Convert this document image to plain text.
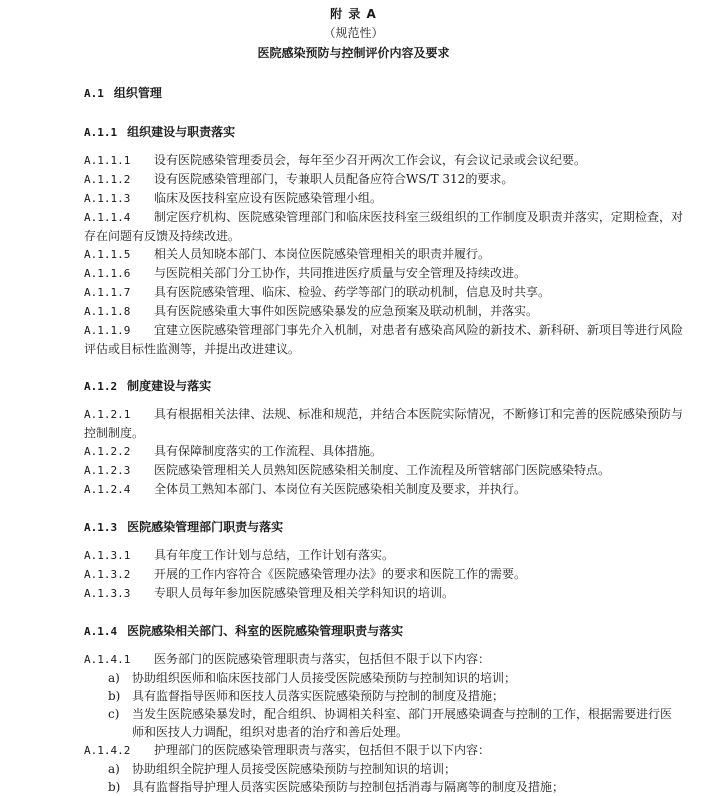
附 录 A
（规范性）
医院感染预防与控制评价内容及要求
A.1 组织管理
A.1.1 组织建设与职责落实
A.1.1.1 设有医院感染管理委员会，每年至少召开两次工作会议，有会议记录或会议纪要。
A.1.1.2 设有医院感染管理部门，专兼职人员配备应符合WS/T 312的要求。
A.1.1.3 临床及医技科室应设有医院感染管理小组。
A.1.1.4 制定医疗机构、医院感染管理部门和临床医技科室三级组织的工作制度及职责并落实，定期检查，对存在问题有反馈及持续改进。
A.1.1.5 相关人员知晓本部门、本岗位医院感染管理相关的职责并履行。
A.1.1.6 与医院相关部门分工协作，共同推进医疗质量与安全管理及持续改进。
A.1.1.7 具有医院感染管理、临床、检验、药学等部门的联动机制，信息及时共享。
A.1.1.8 具有医院感染重大事件如医院感染暴发的应急预案及联动机制，并落实。
A.1.1.9 宜建立医院感染管理部门事先介入机制，对患者有感染高风险的新技术、新科研、新项目等进行风险评估或目标性监测等，并提出改进建议。
A.1.2 制度建设与落实
A.1.2.1 具有根据相关法律、法规、标准和规范，并结合本医院实际情况，不断修订和完善的医院感染预防与控制制度。
A.1.2.2 具有保障制度落实的工作流程、具体措施。
A.1.2.3 医院感染管理相关人员熟知医院感染相关制度、工作流程及所管辖部门医院感染特点。
A.1.2.4 全体员工熟知本部门、本岗位有关医院感染相关制度及要求，并执行。
A.1.3 医院感染管理部门职责与落实
A.1.3.1 具有年度工作计划与总结，工作计划有落实。
A.1.3.2 开展的工作内容符合《医院感染管理办法》的要求和医院工作的需要。
A.1.3.3 专职人员每年参加医院感染管理及相关学科知识的培训。
A.1.4 医院感染相关部门、科室的医院感染管理职责与落实
A.1.4.1 医务部门的医院感染管理职责与落实，包括但不限于以下内容：
a) 协助组织医师和临床医技部门人员接受医院感染预防与控制知识的培训；
b) 具有监督指导医师和医技人员落实医院感染预防与控制的制度及措施；
c)	当发生医院感染暴发时，配合组织、协调相关科室、部门开展感染调查与控制的工作，根据需要进行医师和医技人力调配，组织对患者的治疗和善后处理。
A.1.4.2 护理部门的医院感染管理职责与落实，包括但不限于以下内容：
a) 协助组织全院护理人员接受医院感染预防与控制知识的培训；
b) 具有监督指导护理人员落实医院感染预防与控制包括消毒与隔离等的制度及措施；
